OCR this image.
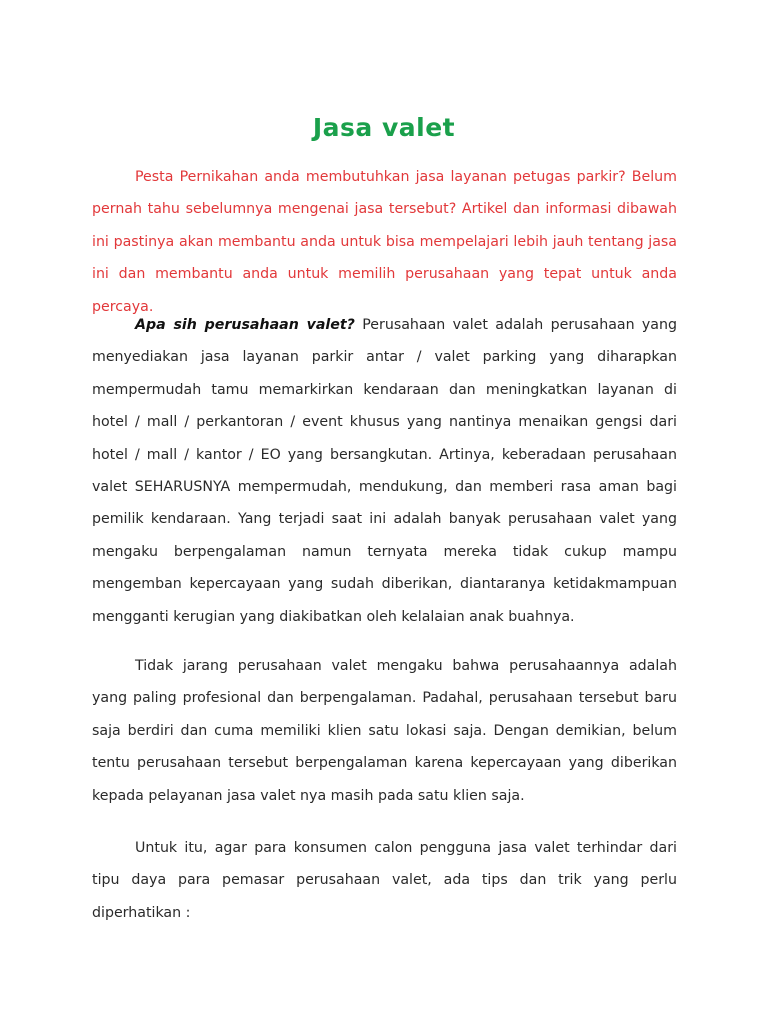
Jasa valet

Pesta Pernikahan anda membutuhkan jasa layanan petugas parkir? Belum pernah tahu sebelumnya mengenai jasa tersebut? Artikel dan informasi dibawah ini pastinya akan membantu anda untuk bisa mempelajari lebih jauh tentang jasa ini dan membantu anda untuk memilih perusahaan yang tepat untuk anda percaya.

Apa sih perusahaan valet? Perusahaan valet adalah perusahaan yang menyediakan jasa layanan parkir antar / valet parking yang diharapkan mempermudah tamu memarkirkan kendaraan dan meningkatkan layanan di hotel / mall / perkantoran / event khusus yang nantinya menaikan gengsi dari hotel / mall / kantor / EO yang bersangkutan. Artinya, keberadaan perusahaan valet SEHARUSNYA mempermudah, mendukung, dan memberi rasa aman bagi pemilik kendaraan. Yang terjadi saat ini adalah banyak perusahaan valet yang mengaku berpengalaman namun ternyata mereka tidak cukup mampu mengemban kepercayaan yang sudah diberikan, diantaranya ketidakmampuan mengganti kerugian yang diakibatkan oleh kelalaian anak buahnya.

Tidak jarang perusahaan valet mengaku bahwa perusahaannya adalah yang paling profesional dan berpengalaman. Padahal, perusahaan tersebut baru saja berdiri dan cuma memiliki klien satu lokasi saja. Dengan demikian, belum tentu perusahaan tersebut berpengalaman karena kepercayaan yang diberikan kepada pelayanan jasa valet nya masih pada satu klien saja.

Untuk itu, agar para konsumen calon pengguna jasa valet terhindar dari tipu daya para pemasar perusahaan valet, ada tips dan trik yang perlu diperhatikan :
